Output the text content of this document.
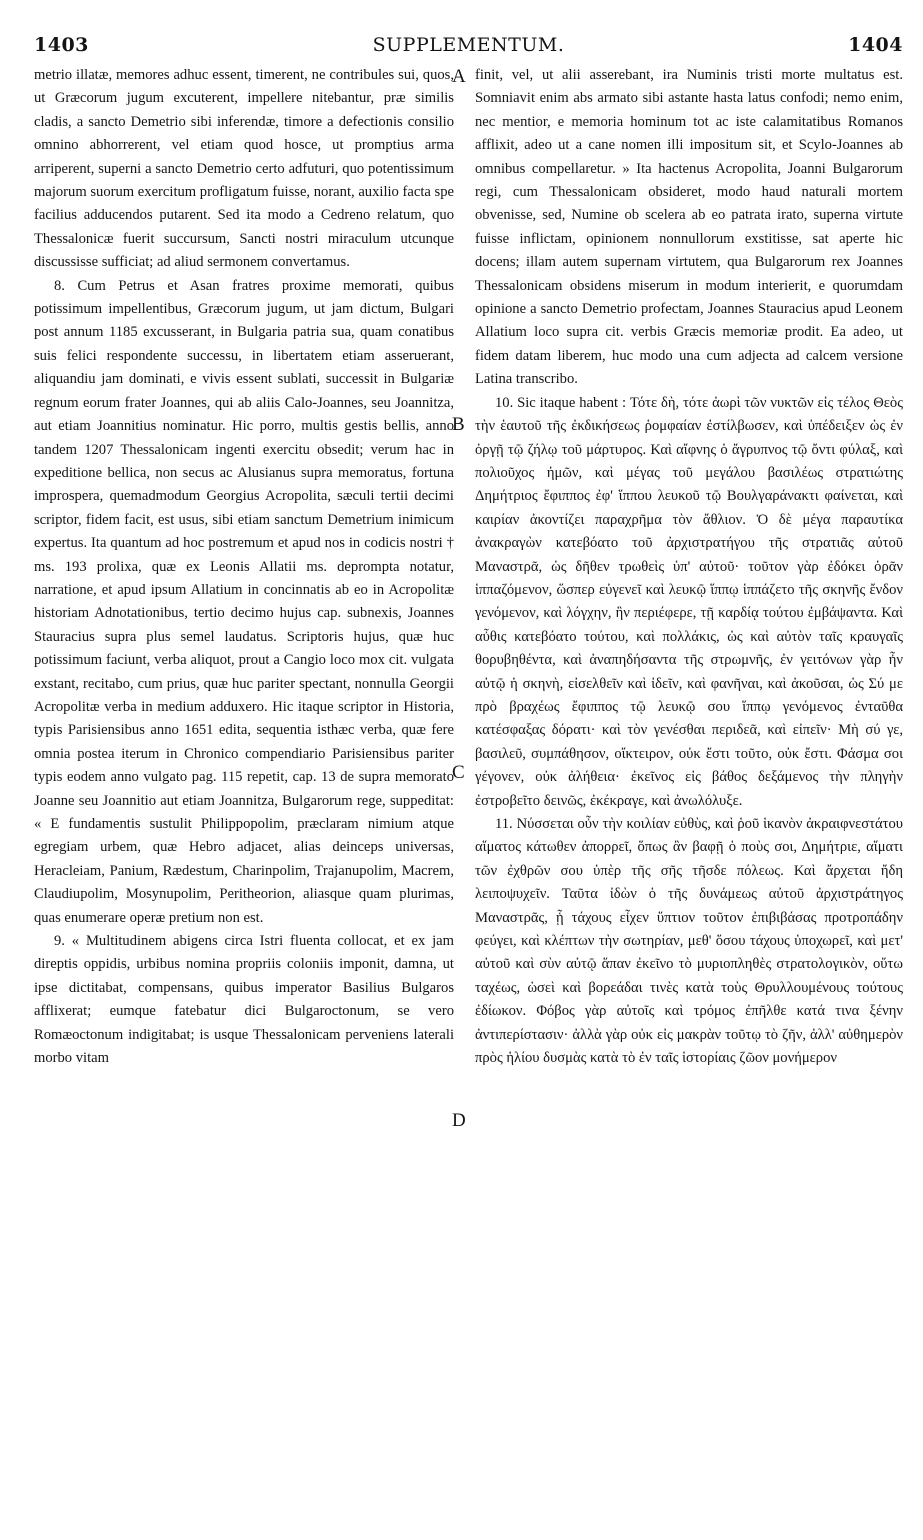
1403	SUPPLEMENTUM.	1404
A
B
C
D

metrio illatæ, memores adhuc essent, timerent, ne contribules sui, quos, ut Græcorum jugum excuterent, impellere nitebantur, præ similis cladis, a sancto Demetrio sibi inferendæ, timore a defectionis consilio omnino abhorrerent, vel etiam quod hosce, ut promptius arma arriperent, superni a sancto Demetrio certo adfuturi, quo potentissimum majorum suorum exercitum profligatum fuisse, norant, auxilio facta spe facilius adducendos putarent. Sed ita modo a Cedreno relatum, quo Thessalonicæ fuerit succursum, Sancti nostri miraculum utcunque discussisse sufficiat; ad aliud sermonem convertamus.

8. Cum Petrus et Asan fratres proxime memorati, quibus potissimum impellentibus, Græcorum jugum, ut jam dictum, Bulgari post annum 1185 excusserant, in Bulgaria patria sua, quam conatibus suis felici respondente successu, in libertatem etiam asseruerant, aliquandiu jam dominati, e vivis essent sublati, successit in Bulgariæ regnum eorum frater Joannes, qui ab aliis Calo-Joannes, seu Joannitza, aut etiam Joannitius nominatur. Hic porro, multis gestis bellis, anno tandem 1207 Thessalonicam ingenti exercitu obsedit; verum hac in expeditione bellica, non secus ac Alusianus supra memoratus, fortuna improspera, quemadmodum Georgius Acropolita, sæculi tertii decimi scriptor, fidem facit, est usus, sibi etiam sanctum Demetrium inimicum expertus. Ita quantum ad hoc postremum et apud nos in codicis nostri † ms. 193 prolixa, quæ ex Leonis Allatii ms. deprompta notatur, narratione, et apud ipsum Allatium in concinnatis ab eo in Acropolitæ historiam Adnotationibus, tertio decimo hujus cap. subnexis, Joannes Stauracius supra plus semel laudatus. Scriptoris hujus, quæ huc potissimum faciunt, verba aliquot, prout a Cangio loco mox cit. vulgata exstant, recitabo, cum prius, quæ huc pariter spectant, nonnulla Georgii Acropolitæ verba in medium adduxero. Hic itaque scriptor in Historia, typis Parisiensibus anno 1651 edita, sequentia isthæc verba, quæ fere omnia postea iterum in Chronico compendiario Parisiensibus pariter typis eodem anno vulgato pag. 115 repetit, cap. 13 de supra memorato Joanne seu Joannitio aut etiam Joannitza, Bulgarorum rege, suppeditat: « E fundamentis sustulit Philippopolim, præclaram nimium atque egregiam urbem, quæ Hebro adjacet, alias deinceps universas, Heracleiam, Panium, Rædestum, Charinpolim, Trajanupolim, Macrem, Claudiupolim, Mosynupolim, Peritheorion, aliasque quam plurimas, quas enumerare operæ pretium non est.

9. « Multitudinem abigens circa Istri fluenta collocat, et ex jam direptis oppidis, urbibus nomina propriis coloniis imponit, damna, ut ipse dictitabat, compensans, quibus imperator Basilius Bulgaros afflixerat; eumque fatebatur dici Bulgaroctonum, se vero Romæoctonum indigitabat; is usque Thessalonicam perveniens laterali morbo vitam

finit, vel, ut alii asserebant, ira Numinis tristi morte multatus est. Somniavit enim abs armato sibi astante hasta latus confodi; nemo enim, nec mentior, e memoria hominum tot ac iste calamitatibus Romanos afflixit, adeo ut a cane nomen illi impositum sit, et Scylo-Joannes ab omnibus compellaretur. » Ita hactenus Acropolita, Joanni Bulgarorum regi, cum Thessalonicam obsideret, modo haud naturali mortem obvenisse, sed, Numine ob scelera ab eo patrata irato, superna virtute fuisse inflictam, opinionem nonnullorum exstitisse, sat aperte hic docens; illam autem supernam virtutem, qua Bulgarorum rex Joannes Thessalonicam obsidens miserum in modum interierit, e quorumdam opinione a sancto Demetrio profectam, Joannes Stauracius apud Leonem Allatium loco supra cit. verbis Græcis memoriæ prodit. Ea adeo, ut fidem datam liberem, huc modo una cum adjecta ad calcem versione Latina transcribo.

10. Sic itaque habent : Τότε δὴ, τότε ἀωρὶ τῶν νυκτῶν εἰς τέλος Θεὸς τὴν ἑαυτοῦ τῆς ἐκδικήσεως ῥομφαίαν ἐστίλβωσεν, καὶ ὑπέδειξεν ὡς ἐν ὀργῇ τῷ ζήλῳ τοῦ μάρτυρος. Καὶ αἴφνης ὁ ἄγρυπνος τῷ ὄντι φύλαξ, καὶ πολιοῦχος ἡμῶν, καὶ μέγας τοῦ μεγάλου βασιλέως στρατιώτης Δημήτριος ἔφιππος ἐφ' ἵππου λευκοῦ τῷ Βουλγαράνακτι φαίνεται, καὶ καιρίαν ἀκοντίζει παραχρῆμα τὸν ἄθλιον. Ὁ δὲ μέγα παραυτίκα ἀνακραγὼν κατεβόατο τοῦ ἀρχιστρατήγου τῆς στρατιᾶς αὐτοῦ Μαναστρᾶ, ὡς δῆθεν τρωθεὶς ὑπ' αὐτοῦ· τοῦτον γὰρ ἐδόκει ὁρᾶν ἱππαζόμενον, ὥσπερ εὐγενεῖ καὶ λευκῷ ἵππῳ ἱππάζετο τῆς σκηνῆς ἔνδον γενόμενον, καὶ λόγχην, ἣν περιέφερε, τῇ καρδίᾳ τούτου ἐμβάψαντα. Καὶ αὖθις κατεβόατο τούτου, καὶ πολλάκις, ὡς καὶ αὐτὸν ταῖς κραυγαῖς θορυβηθέντα, καὶ ἀναπηδήσαντα τῆς στρωμνῆς, ἐν γειτόνων γὰρ ἦν αὐτῷ ἡ σκηνὴ, εἰσελθεῖν καὶ ἰδεῖν, καὶ φανῆναι, καὶ ἀκοῦσαι, ὡς Σύ με πρὸ βραχέως ἔφιππος τῷ λευκῷ σου ἵππῳ γενόμενος ἐνταῦθα κατέσφαξας δόρατι· καὶ τὸν γενέσθαι περιδεᾶ, καὶ εἰπεῖν· Μὴ σύ γε, βασιλεῦ, συμπάθησον, οἴκτειρον, οὐκ ἔστι τοῦτο, οὐκ ἔστι. Φάσμα σοι γέγονεν, οὐκ ἀλήθεια· ἐκεῖνος εἰς βάθος δεξάμενος τὴν πληγὴν ἐστροβεῖτο δεινῶς, ἐκέκραγε, καὶ ἀνωλόλυξε.

11. Νύσσεται οὖν τὴν κοιλίαν εὐθὺς, καὶ ῥοῦ ἱκανὸν ἀκραιφνεστάτου αἵματος κάτωθεν ἀπορρεῖ, ὅπως ἂν βαφῇ ὁ ποὺς σοι, Δημήτριε, αἵματι τῶν ἐχθρῶν σου ὑπὲρ τῆς σῆς τῆσδε πόλεως. Καὶ ἄρχεται ἤδη λειποψυχεῖν. Ταῦτα ἰδὼν ὁ τῆς δυνάμεως αὐτοῦ ἀρχιστράτηγος Μαναστρᾶς, ᾗ τάχους εἶχεν ὕπτιον τοῦτον ἐπιβιβάσας προτροπάδην φεύγει, καὶ κλέπτων τὴν σωτηρίαν, μεθ' ὅσου τάχους ὑποχωρεῖ, καὶ μετ' αὐτοῦ καὶ σὺν αὐτῷ ἅπαν ἐκεῖνο τὸ μυριοπληθὲς στρατολογικὸν, οὕτω ταχέως, ὡσεὶ καὶ βορεάδαι τινὲς κατὰ τοὺς Θρυλλουμένους τούτους ἐδίωκον. Φόβος γὰρ αὐτοῖς καὶ τρόμος ἐπῆλθε κατά τινα ξένην ἀντιπερίστασιν· ἀλλὰ γὰρ οὐκ εἰς μακρὰν τοῦτῳ τὸ ζῆν, ἀλλ' αὐθημερὸν πρὸς ἡλίου δυσμὰς κατὰ τὸ ἐν ταῖς ἱστορίαις ζῶον μονήμερον
